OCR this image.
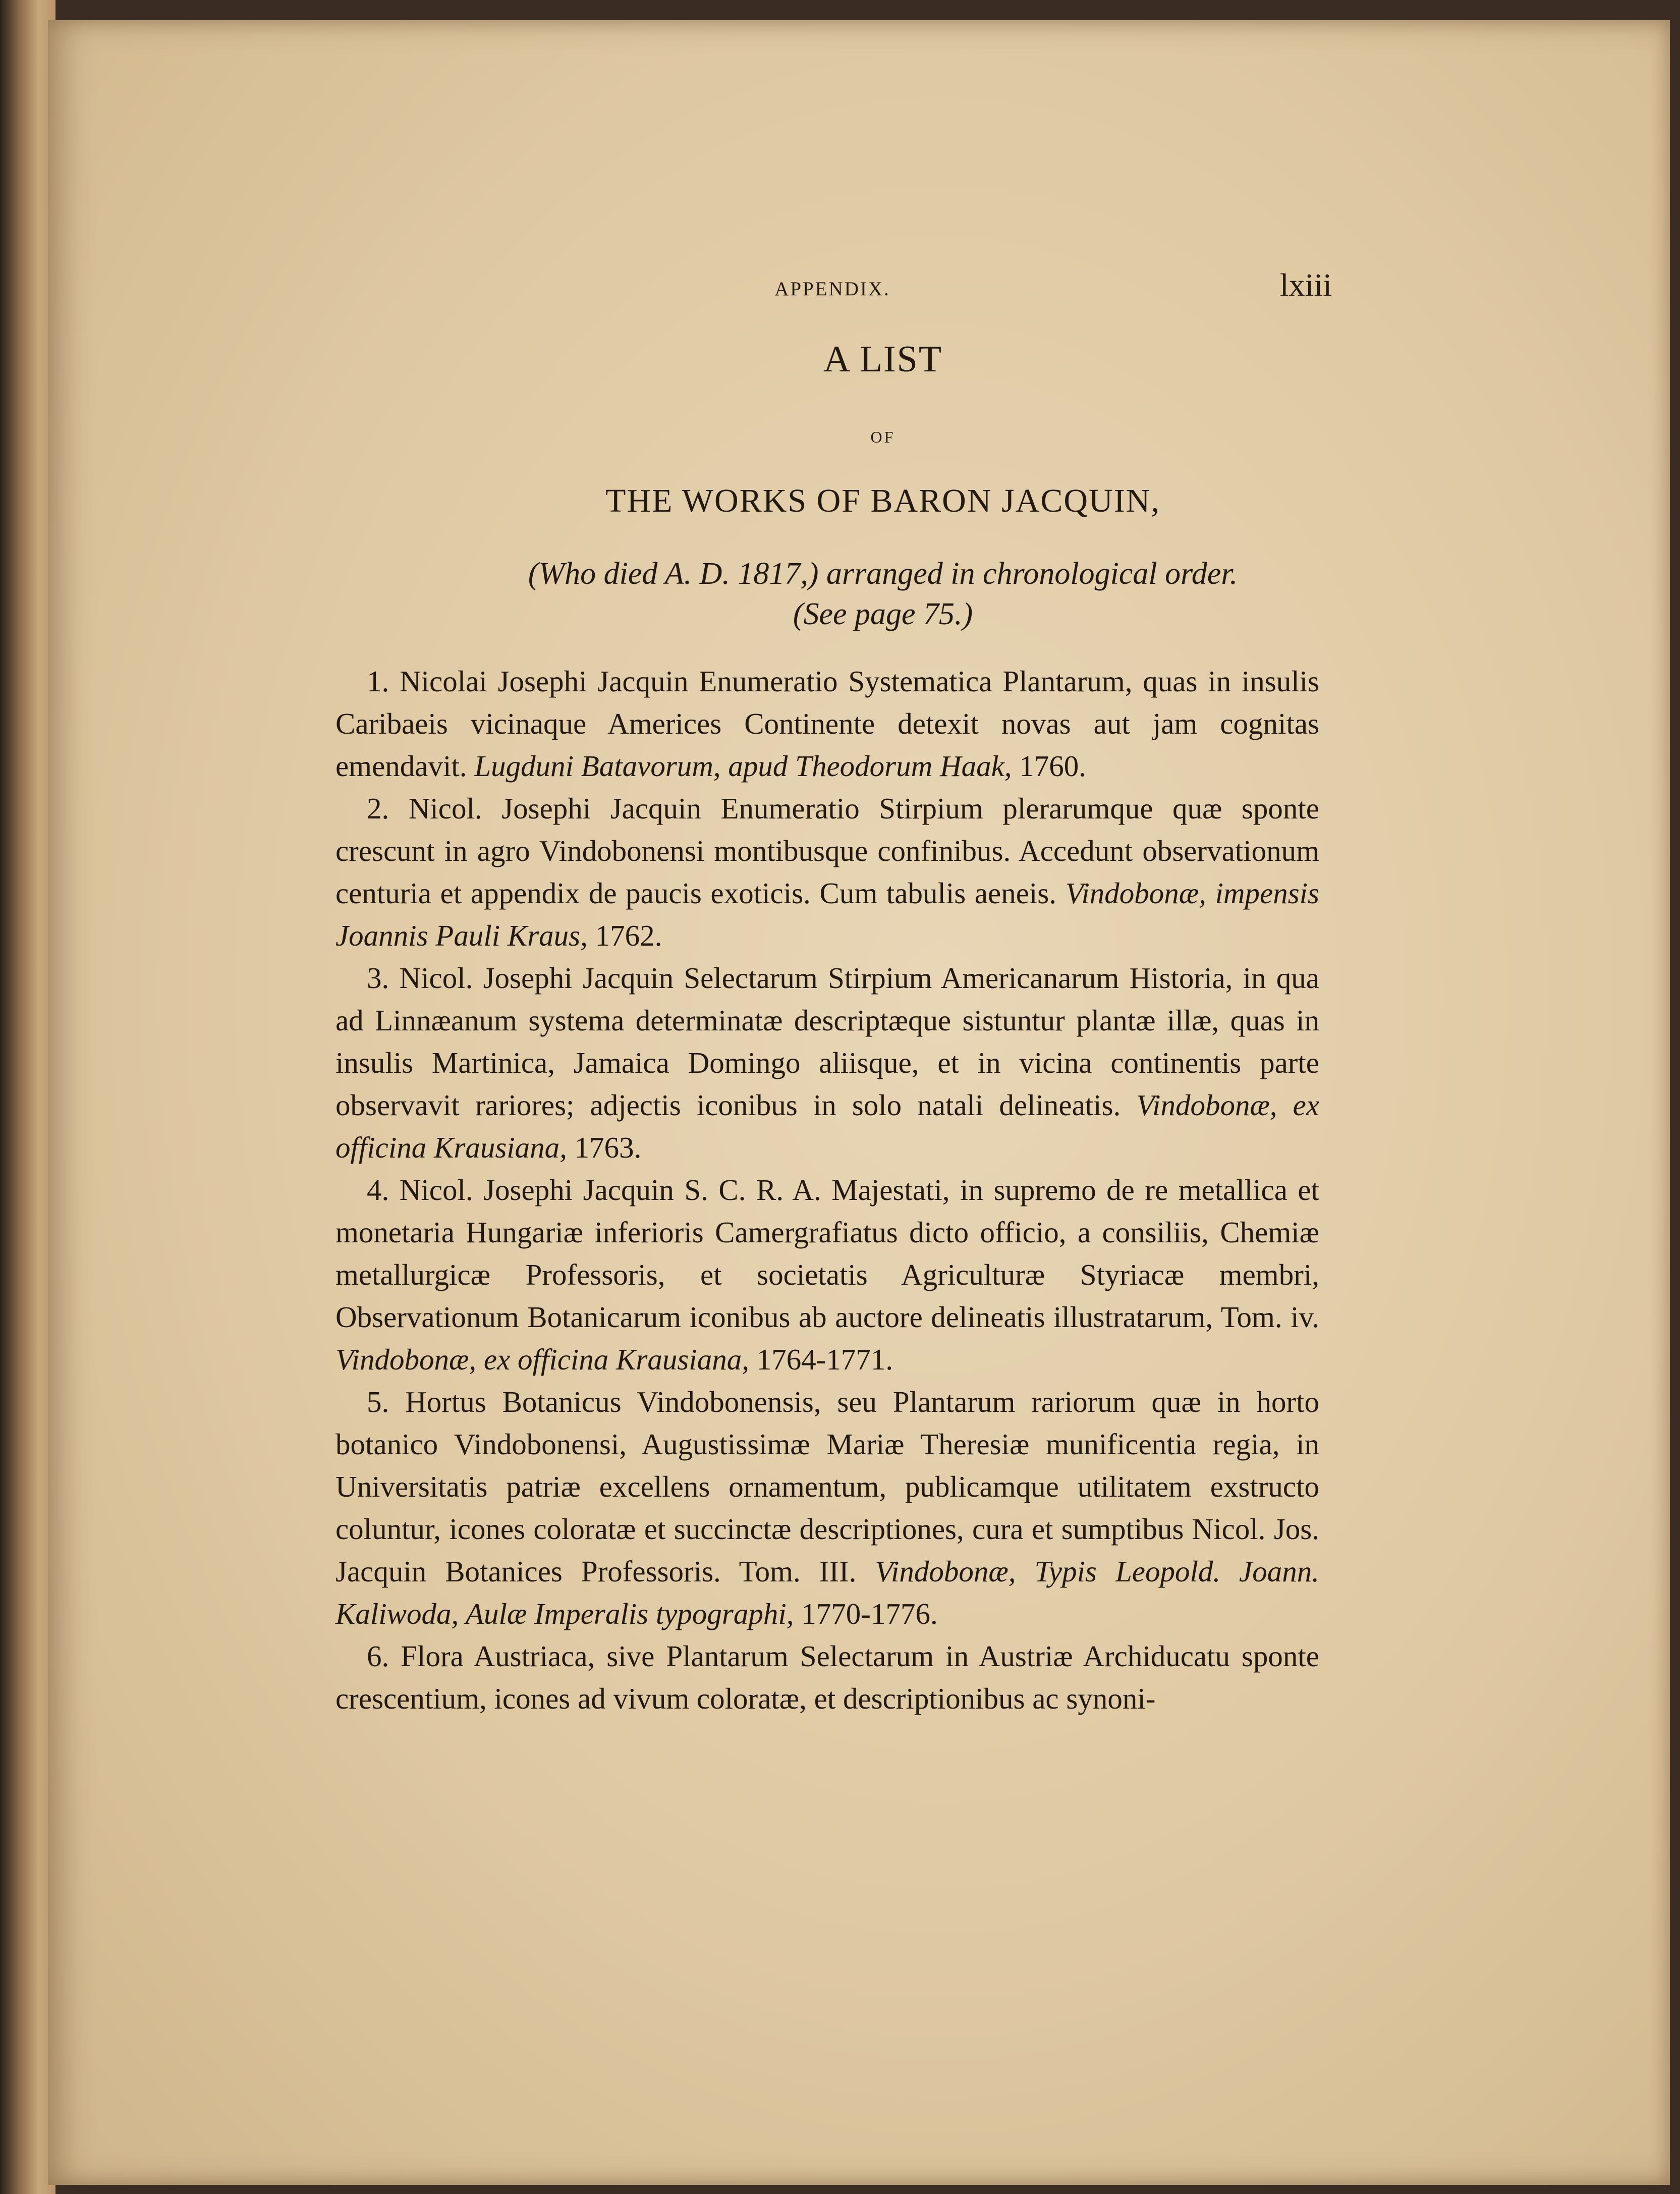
APPENDIX.	lxiii
A LIST
OF
THE WORKS OF BARON JACQUIN,
(Who died A. D. 1817,) arranged in chronological order.
(See page 75.)

1. Nicolai Josephi Jacquin Enumeratio Systematica Plantarum, quas in insulis Caribaeis vicinaque Americes Continente detexit novas aut jam cognitas emendavit. Lugduni Batavorum, apud Theodorum Haak, 1760.

2. Nicol. Josephi Jacquin Enumeratio Stirpium plerarumque quæ sponte crescunt in agro Vindobonensi montibusque confinibus. Accedunt observationum centuria et appendix de paucis exoticis. Cum tabulis aeneis. Vindobonæ, impensis Joannis Pauli Kraus, 1762.

3. Nicol. Josephi Jacquin Selectarum Stirpium Americanarum Historia, in qua ad Linnæanum systema determinatæ descriptæque sistuntur plantæ illæ, quas in insulis Martinica, Jamaica Domingo aliisque, et in vicina continentis parte observavit rariores; adjectis iconibus in solo natali delineatis. Vindobonæ, ex officina Krausiana, 1763.

4. Nicol. Josephi Jacquin S. C. R. A. Majestati, in supremo de re metallica et monetaria Hungariæ inferioris Camergrafiatus dicto officio, a consiliis, Chemiæ metallurgicæ Professoris, et societatis Agriculturæ Styriacæ membri, Observationum Botanicarum iconibus ab auctore delineatis illustratarum, Tom. iv. Vindobonæ, ex officina Krausiana, 1764-1771.

5. Hortus Botanicus Vindobonensis, seu Plantarum rariorum quæ in horto botanico Vindobonensi, Augustissimæ Mariæ Theresiæ munificentia regia, in Universitatis patriæ excellens ornamentum, publicamque utilitatem exstructo coluntur, icones coloratæ et succinctæ descriptiones, cura et sumptibus Nicol. Jos. Jacquin Botanices Professoris. Tom. III. Vindobonæ, Typis Leopold. Joann. Kaliwoda, Aulæ Imperalis typographi, 1770-1776.

6. Flora Austriaca, sive Plantarum Selectarum in Austriæ Archiducatu sponte crescentium, icones ad vivum coloratæ, et descriptionibus ac synoni-
